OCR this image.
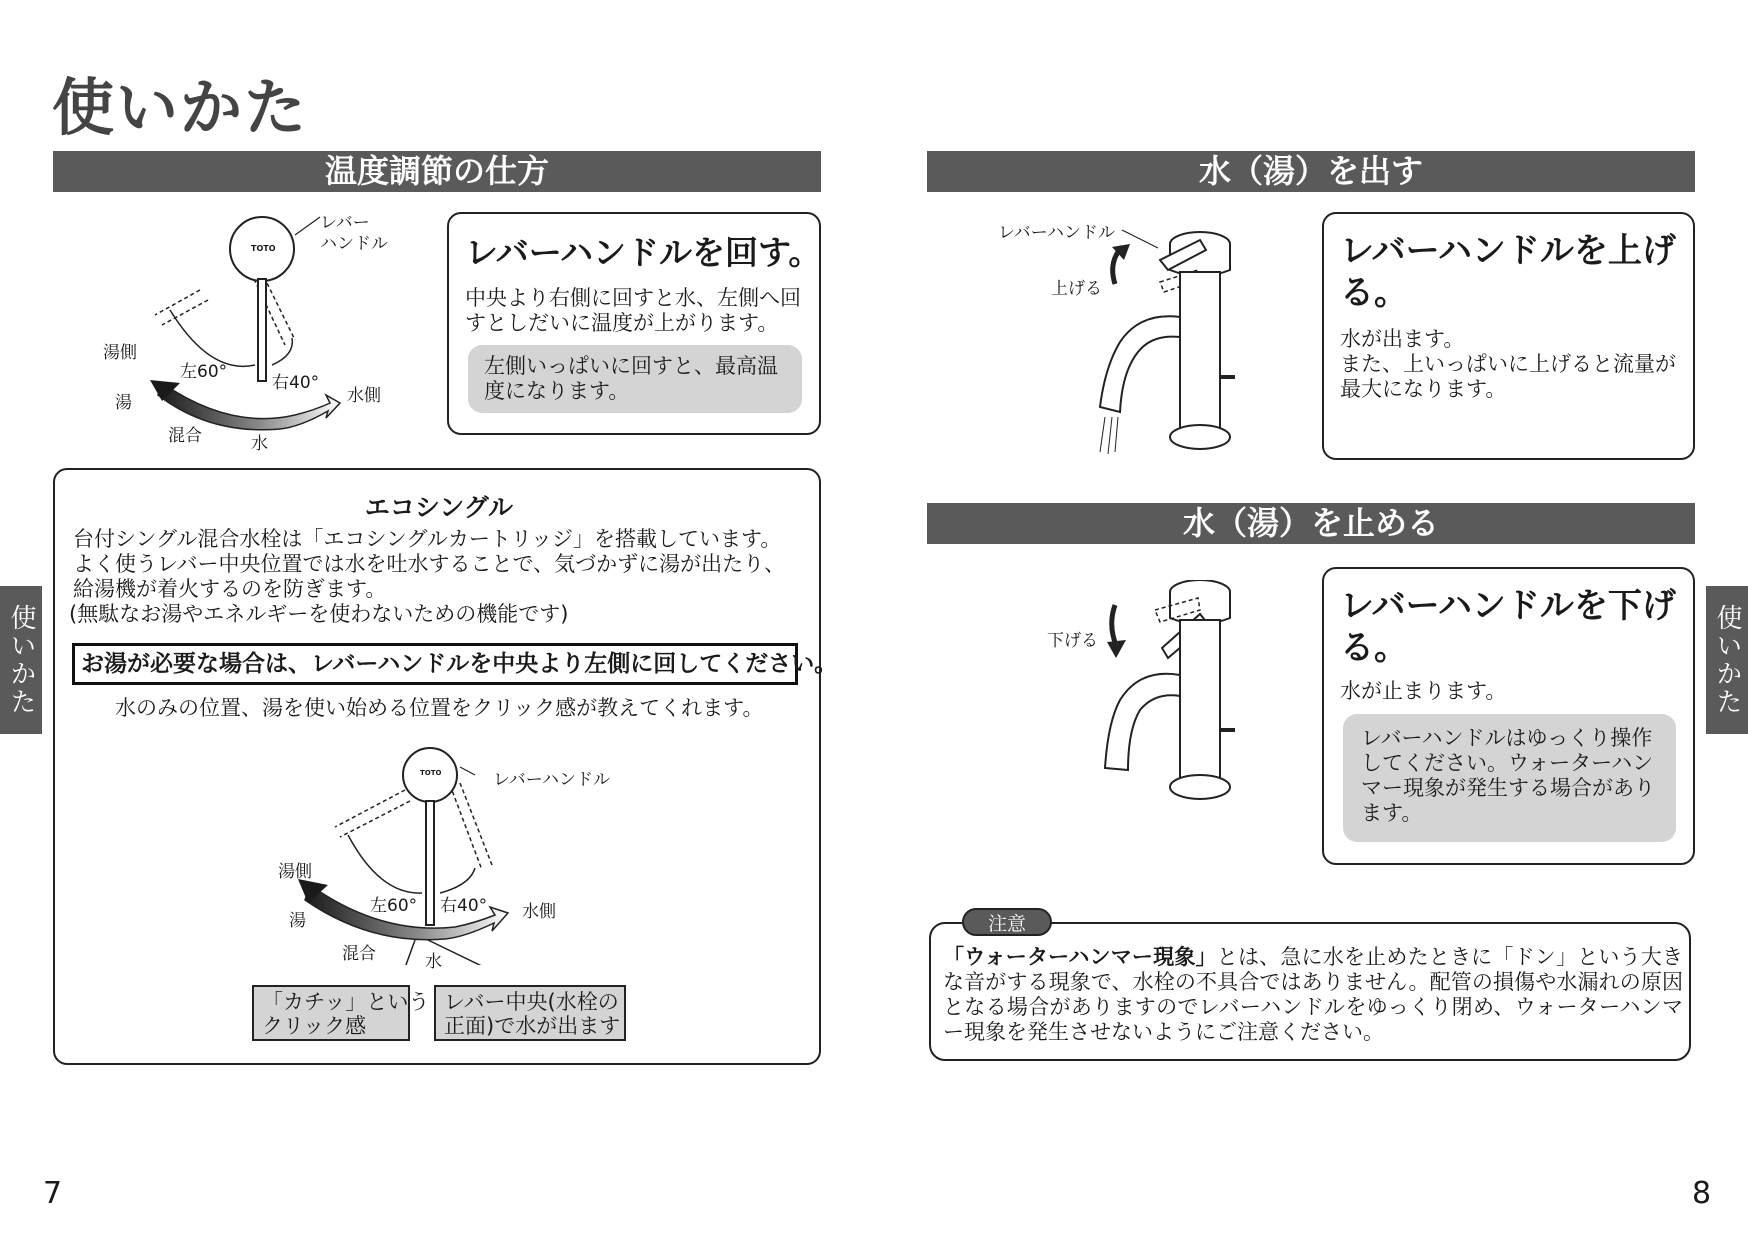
使いかた
温度調節の仕方
レバー
ハンドル
TOTO
湯側
湯
左60°
右40°
水側
混合	水
レバーハンドルを回す。
中央より右側に回すと水、左側へ回すとしだいに温度が上がります。
左側いっぱいに回すと、最高温度になります。
エコシングル
台付シングル混合水栓は「エコシングルカートリッジ」を搭載しています。
よく使うレバー中央位置では水を吐水することで、気づかずに湯が出たり、
給湯機が着火するのを防ぎます。
(無駄なお湯やエネルギーを使わないための機能です)
お湯が必要な場合は、レバーハンドルを中央より左側に回してください。
水のみの位置、湯を使い始める位置をクリック感が教えてくれます。
レバーハンドル
TOTO
湯側
湯
左60° 右40° 水側
混合	水
「カチッ」という
クリック感
レバー中央(水栓の
正面)で水が出ます
使いかた
7
水（湯）を出す
レバーハンドル
上げる
レバーハンドルを上げる。
水が出ます。
また、上いっぱいに上げると流量が
最大になります。
水（湯）を止める
下げる
レバーハンドルを下げる。
水が止まります。
レバーハンドルはゆっくり操作してください。ウォーターハンマー現象が発生する場合があります。
「ウォーターハンマー現象」とは、急に水を止めたときに「ドン」という大きな音がする現象で、水栓の不具合ではありません。配管の損傷や水漏れの原因となる場合がありますのでレバーハンドルをゆっくり閉め、ウォーターハンマー現象を発生させないようにご注意ください。
注意
使いかた
8
